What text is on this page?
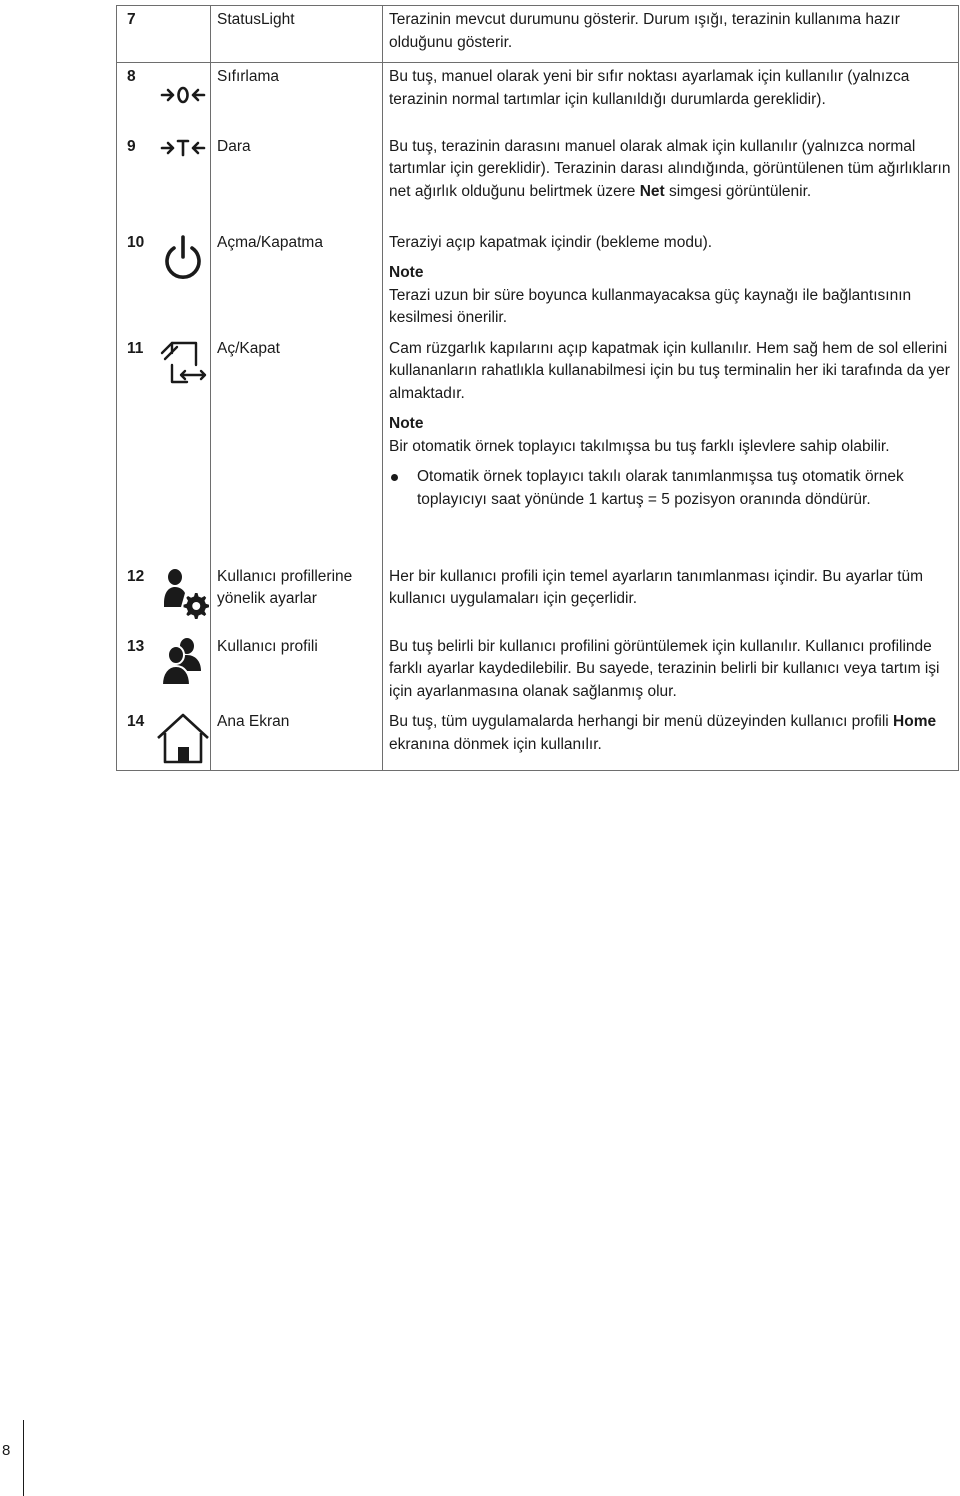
7		StatusLight	Terazinin mevcut durumunu gösterir. Durum ışığı, terazinin kullanıma hazır olduğunu gösterir.
8		Sıfırlama	Bu tuş, manuel olarak yeni bir sıfır noktası ayarlamak için kullanılır (yalnızca terazinin normal tartımlar için kullanıldığı durumlarda gereklidir).
9		Dara	Bu tuş, terazinin darasını manuel olarak almak için kullanılır (yalnızca normal tartımlar için gereklidir). Terazinin darası alındığında, görüntülenen tüm ağırlıkların net ağırlık olduğunu belirtmek üzere Net simgesi görüntülenir.
10		Açma/Kapatma	Teraziyi açıp kapatmak içindir (bekleme modu).

Note

Terazi uzun bir süre boyunca kullanmayacaksa güç kaynağı ile bağlantısının kesilmesi önerilir.

11		Aç/Kapat	Cam rüzgarlık kapılarını açıp kapatmak için kullanılır. Hem sağ hem de sol ellerini kullananların rahatlıkla kullanabilmesi için bu tuş terminalin her iki tarafında da yer almaktadır.

Note

Bir otomatik örnek toplayıcı takılmışsa bu tuş farklı işlevlere sahip olabilir.

Otomatik örnek toplayıcı takılı olarak tanımlanmışsa tuş otomatik örnek toplayıcıyı saat yönünde 1 kartuş = 5 pozisyon oranında döndürür.

12		Kullanıcı profillerine yönelik ayarlar	Her bir kullanıcı profili için temel ayarların tanımlanması içindir. Bu ayarlar tüm kullanıcı uygulamaları için geçerlidir.
13		Kullanıcı profili	Bu tuş belirli bir kullanıcı profilini görüntülemek için kullanılır. Kullanıcı profilinde farklı ayarlar kaydedilebilir. Bu sayede, terazinin belirli bir kullanıcı veya tartım işi için ayarlanmasına olanak sağlanmış olur.
14		Ana Ekran	Bu tuş, tüm uygulamalarda herhangi bir menü düzeyinden kullanıcı profili Home ekranına dönmek için kullanılır.
8
